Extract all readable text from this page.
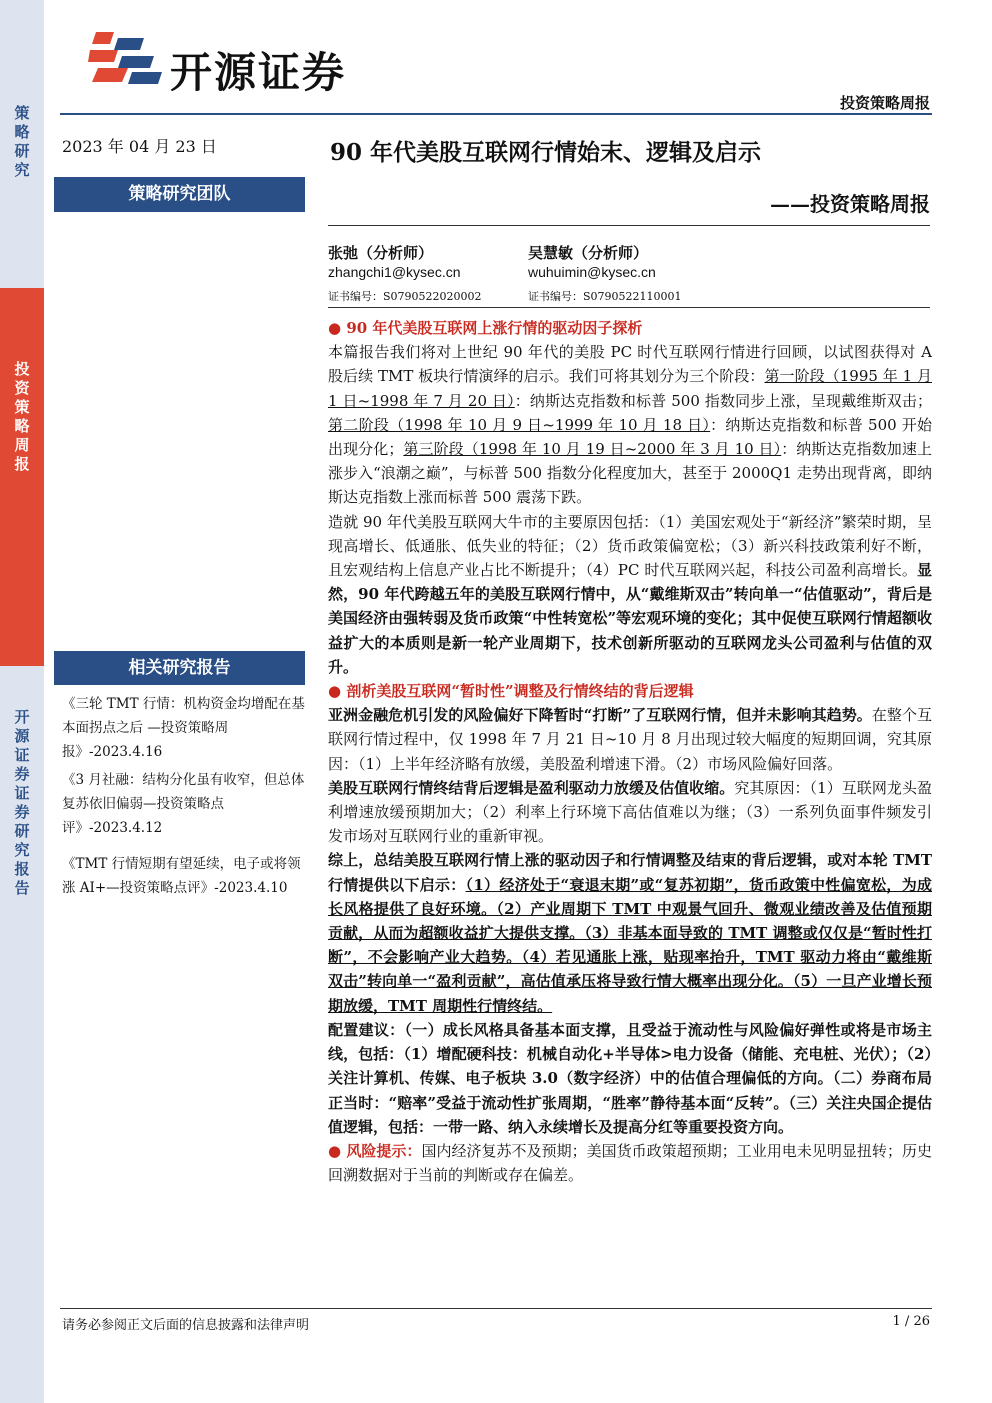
策略研究
投资策略周报
开源证券 证券研究报告
开源证券
投资策略周报
2023 年 04 月 23 日	90 年代美股互联网行情始末、逻辑及启示
——投资策略周报
策略研究团队
张弛（分析师）
zhangchi1@kysec.cn
证书编号：S0790522020002
吴慧敏（分析师）
wuhuimin@kysec.cn
证书编号：S0790522110001
相关研究报告
《三轮 TMT 行情：机构资金均增配在基本面拐点之后 —投资策略周报》-2023.4.16
《3 月社融：结构分化虽有收窄，但总体复苏依旧偏弱—投资策略点评》-2023.4.12
《TMT 行情短期有望延续，电子或将领涨 AI+—投资策略点评》-2023.4.10

● 90 年代美股互联网上涨行情的驱动因子探析

本篇报告我们将对上世纪 90 年代的美股 PC 时代互联网行情进行回顾，以试图获得对 A 股后续 TMT 板块行情演绎的启示。我们可将其划分为三个阶段：第一阶段（1995 年 1 月 1 日~1998 年 7 月 20 日）：纳斯达克指数和标普 500 指数同步上涨，呈现戴维斯双击；第二阶段（1998 年 10 月 9 日~1999 年 10 月 18 日）：纳斯达克指数和标普 500 开始出现分化；第三阶段（1998 年 10 月 19 日~2000 年 3 月 10 日）：纳斯达克指数加速上涨步入“浪潮之巅”，与标普 500 指数分化程度加大，甚至于 2000Q1 走势出现背离，即纳斯达克指数上涨而标普 500 震荡下跌。

造就 90 年代美股互联网大牛市的主要原因包括：（1）美国宏观处于“新经济”繁荣时期，呈现高增长、低通胀、低失业的特征；（2）货币政策偏宽松；（3）新兴科技政策利好不断，且宏观结构上信息产业占比不断提升；（4）PC 时代互联网兴起，科技公司盈利高增长。显然，90 年代跨越五年的美股互联网行情中，从“戴维斯双击”转向单一“估值驱动”，背后是美国经济由强转弱及货币政策“中性转宽松”等宏观环境的变化；其中促使互联网行情超额收益扩大的本质则是新一轮产业周期下，技术创新所驱动的互联网龙头公司盈利与估值的双升。

● 剖析美股互联网“暂时性”调整及行情终结的背后逻辑

亚洲金融危机引发的风险偏好下降暂时“打断”了互联网行情，但并未影响其趋势。在整个互联网行情过程中，仅 1998 年 7 月 21 日~10 月 8 月出现过较大幅度的短期回调，究其原因：（1）上半年经济略有放缓，美股盈利增速下滑。（2）市场风险偏好回落。

美股互联网行情终结背后逻辑是盈利驱动力放缓及估值收缩。究其原因：（1）互联网龙头盈利增速放缓预期加大；（2）利率上行环境下高估值难以为继；（3）一系列负面事件频发引发市场对互联网行业的重新审视。

综上，总结美股互联网行情上涨的驱动因子和行情调整及结束的背后逻辑，或对本轮 TMT 行情提供以下启示：（1）经济处于“衰退末期”或“复苏初期”，货币政策中性偏宽松，为成长风格提供了良好环境。（2）产业周期下 TMT 中观景气回升、微观业绩改善及估值预期贡献，从而为超额收益扩大提供支撑。（3）非基本面导致的 TMT 调整或仅仅是“暂时性打断”，不会影响产业大趋势。（4）若见通胀上涨，贴现率抬升，TMT 驱动力将由“戴维斯双击”转向单一“盈利贡献”，高估值承压将导致行情大概率出现分化。（5）一旦产业增长预期放缓，TMT 周期性行情终结。

配置建议：（一）成长风格具备基本面支撑，且受益于流动性与风险偏好弹性或将是市场主线，包括：（1）增配硬科技：机械自动化+半导体>电力设备（储能、充电桩、光伏）；（2）关注计算机、传媒、电子板块 3.0（数字经济）中的估值合理偏低的方向。（二）券商布局正当时：“赔率”受益于流动性扩张周期，“胜率”静待基本面“反转”。（三）关注央国企提估值逻辑，包括：一带一路、纳入永续增长及提高分红等重要投资方向。

● 风险提示：国内经济复苏不及预期；美国货币政策超预期；工业用电未见明显扭转；历史回溯数据对于当前的判断或存在偏差。

请务必参阅正文后面的信息披露和法律声明	1 / 26
